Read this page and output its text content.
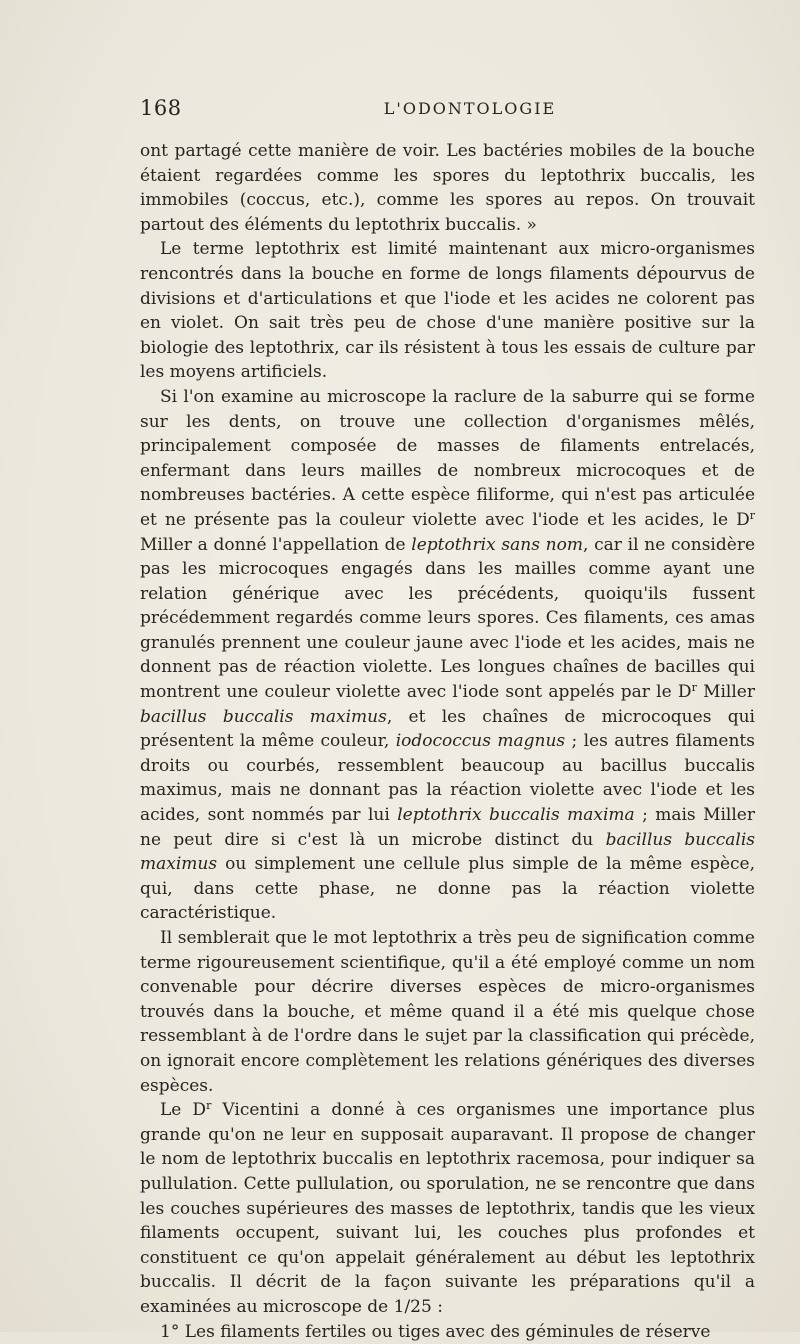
168	L'ODONTOLOGIE

ont partagé cette manière de voir. Les bactéries mobiles de la bouche étaient regardées comme les spores du leptothrix buccalis, les immobiles (coccus, etc.), comme les spores au repos. On trouvait partout des éléments du leptothrix buccalis. »

Le terme leptothrix est limité maintenant aux micro-organismes rencontrés dans la bouche en forme de longs filaments dépourvus de divisions et d'articulations et que l'iode et les acides ne colorent pas en violet. On sait très peu de chose d'une manière positive sur la biologie des leptothrix, car ils résistent à tous les essais de culture par les moyens artificiels.

Si l'on examine au microscope la raclure de la saburre qui se forme sur les dents, on trouve une collection d'organismes mêlés, principalement composée de masses de filaments entrelacés, enfermant dans leurs mailles de nombreux microcoques et de nombreuses bactéries. A cette espèce filiforme, qui n'est pas articulée et ne présente pas la couleur violette avec l'iode et les acides, le $D^r$ Miller a donné l'appellation de leptothrix sans nom, car il ne considère pas les microcoques engagés dans les mailles comme ayant une relation générique avec les précédents, quoiqu'ils fussent précédemment regardés comme leurs spores. Ces filaments, ces amas granulés prennent une couleur jaune avec l'iode et les acides, mais ne donnent pas de réaction violette. Les longues chaînes de bacilles qui montrent une couleur violette avec l'iode sont appelés par le $D^r$ Miller bacillus buccalis maximus, et les chaînes de microcoques qui présentent la même couleur, iodococcus magnus ; les autres filaments droits ou courbés, ressemblent beaucoup au bacillus buccalis maximus, mais ne donnant pas la réaction violette avec l'iode et les acides, sont nommés par lui leptothrix buccalis maxima ; mais Miller ne peut dire si c'est là un microbe distinct du bacillus buccalis maximus ou simplement une cellule plus simple de la même espèce, qui, dans cette phase, ne donne pas la réaction violette caractéristique.

Il semblerait que le mot leptothrix a très peu de signification comme terme rigoureusement scientifique, qu'il a été employé comme un nom convenable pour décrire diverses espèces de micro-organismes trouvés dans la bouche, et même quand il a été mis quelque chose ressemblant à de l'ordre dans le sujet par la classification qui précède, on ignorait encore complètement les relations génériques des diverses espèces.

Le $D^r$ Vicentini a donné à ces organismes une importance plus grande qu'on ne leur en supposait auparavant. Il propose de changer le nom de leptothrix buccalis en leptothrix racemosa, pour indiquer sa pullulation. Cette pullulation, ou sporulation, ne se rencontre que dans les couches supérieures des masses de leptothrix, tandis que les vieux filaments occupent, suivant lui, les couches plus profondes et constituent ce qu'on appelait généralement au début les leptothrix buccalis. Il décrit de la façon suivante les préparations qu'il a examinées au microscope de 1/25 :

1° Les filaments fertiles ou tiges avec des géminules de réserve
